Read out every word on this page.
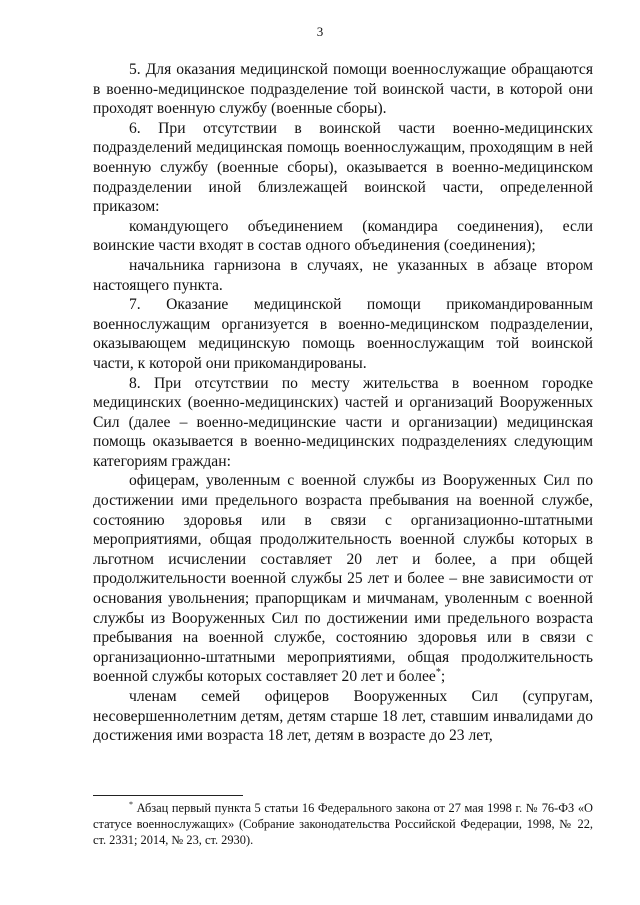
3

5. Для оказания медицинской помощи военнослужащие обращаются в военно-медицинское подразделение той воинской части, в которой они проходят военную службу (военные сборы).

6. При отсутствии в воинской части военно-медицинских подразделений медицинская помощь военнослужащим, проходящим в ней военную службу (военные сборы), оказывается в военно-медицинском подразделении иной близлежащей воинской части, определенной приказом:

командующего объединением (командира соединения), если воинские части входят в состав одного объединения (соединения);

начальника гарнизона в случаях, не указанных в абзаце втором настоящего пункта.

7. Оказание медицинской помощи прикомандированным военнослужащим организуется в военно-медицинском подразделении, оказывающем медицинскую помощь военнослужащим той воинской части, к которой они прикомандированы.

8. При отсутствии по месту жительства в военном городке медицинских (военно-медицинских) частей и организаций Вооруженных Сил (далее – военно-медицинские части и организации) медицинская помощь оказывается в военно-медицинских подразделениях следующим категориям граждан:

офицерам, уволенным с военной службы из Вооруженных Сил по достижении ими предельного возраста пребывания на военной службе, состоянию здоровья или в связи с организационно-штатными мероприятиями, общая продолжительность военной службы которых в льготном исчислении составляет 20 лет и более, а при общей продолжительности военной службы 25 лет и более – вне зависимости от основания увольнения; прапорщикам и мичманам, уволенным с военной службы из Вооруженных Сил по достижении ими предельного возраста пребывания на военной службе, состоянию здоровья или в связи с организационно-штатными мероприятиями, общая продолжительность военной службы которых составляет 20 лет и более*;

членам семей офицеров Вооруженных Сил (супругам, несовершеннолетним детям, детям старше 18 лет, ставшим инвалидами до достижения ими возраста 18 лет, детям в возрасте до 23 лет,

* Абзац первый пункта 5 статьи 16 Федерального закона от 27 мая 1998 г. № 76-ФЗ «О статусе военнослужащих» (Собрание законодательства Российской Федерации, 1998, № 22, ст. 2331; 2014, № 23, ст. 2930).
